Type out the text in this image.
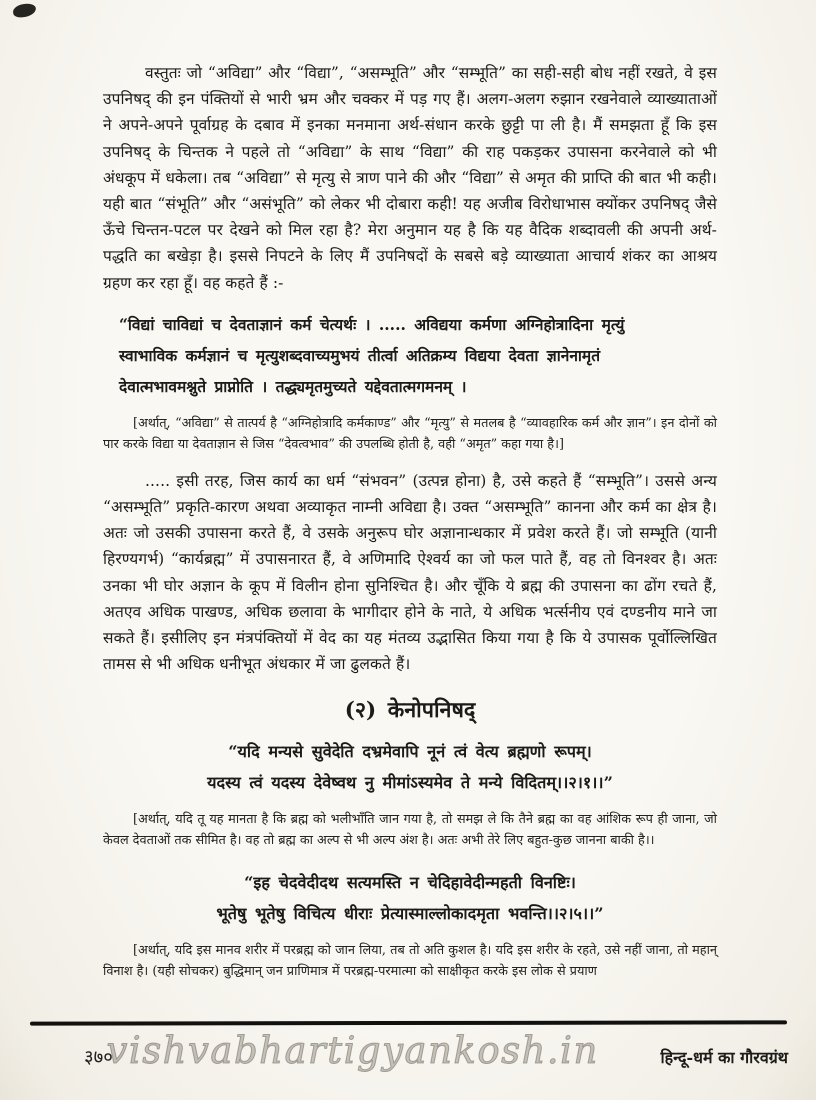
वस्तुतः जो “अविद्या” और “विद्या”, “असम्भूति” और “सम्भूति” का सही-सही बोध नहीं रखते, वे इस उपनिषद् की इन पंक्तियों से भारी भ्रम और चक्कर में पड़ गए हैं। अलग-अलग रुझान रखनेवाले व्याख्याताओं ने अपने-अपने पूर्वाग्रह के दबाव में इनका मनमाना अर्थ-संधान करके छुट्टी पा ली है। मैं समझता हूँ कि इस उपनिषद् के चिन्तक ने पहले तो “अविद्या” के साथ “विद्या” की राह पकड़कर उपासना करनेवाले को भी अंधकूप में धकेला। तब “अविद्या” से मृत्यु से त्राण पाने की और “विद्या” से अमृत की प्राप्ति की बात भी कही। यही बात “संभूति” और “असंभूति” को लेकर भी दोबारा कही! यह अजीब विरोधाभास क्योंकर उपनिषद् जैसे ऊँचे चिन्तन-पटल पर देखने को मिल रहा है? मेरा अनुमान यह है कि यह वैदिक शब्दावली की अपनी अर्थ-पद्धति का बखेड़ा है। इससे निपटने के लिए मैं उपनिषदों के सबसे बड़े व्याख्याता आचार्य शंकर का आश्रय ग्रहण कर रहा हूँ। वह कहते हैं :-

“विद्यां चाविद्यां च देवताज्ञानं कर्म चेत्यर्थः । ..... अविद्यया कर्मणा अग्निहोत्रादिना मृत्युं
स्वाभाविक कर्मज्ञानं च मृत्युशब्दवाच्यमुभयं तीर्त्वा अतिक्रम्य विद्यया देवता ज्ञानेनामृतं
देवात्मभावमश्नुते प्राप्नोति । तद्ध्यमृतमुच्यते यद्देवतात्मगमनम् ।

[अर्थात्, “अविद्या” से तात्पर्य है “अग्निहोत्रादि कर्मकाण्ड” और “मृत्यु” से मतलब है “व्यावहारिक कर्म और ज्ञान”। इन दोनों को पार करके विद्या या देवताज्ञान से जिस “देवत्वभाव” की उपलब्धि होती है, वही “अमृत” कहा गया है।]

..... इसी तरह, जिस कार्य का धर्म “संभवन” (उत्पन्न होना) है, उसे कहते हैं “सम्भूति”। उससे अन्य “असम्भूति” प्रकृति-कारण अथवा अव्याकृत नाम्नी अविद्या है। उक्त “असम्भूति” कानना और कर्म का क्षेत्र है। अतः जो उसकी उपासना करते हैं, वे उसके अनुरूप घोर अज्ञानान्धकार में प्रवेश करते हैं। जो सम्भूति (यानी हिरण्यगर्भ) “कार्यब्रह्म” में उपासनारत हैं, वे अणिमादि ऐश्वर्य का जो फल पाते हैं, वह तो विनश्वर है। अतः उनका भी घोर अज्ञान के कूप में विलीन होना सुनिश्चित है। और चूँकि ये ब्रह्म की उपासना का ढोंग रचते हैं, अतएव अधिक पाखण्ड, अधिक छलावा के भागीदार होने के नाते, ये अधिक भर्त्सनीय एवं दण्डनीय माने जा सकते हैं। इसीलिए इन मंत्रपंक्तियों में वेद का यह मंतव्य उद्भासित किया गया है कि ये उपासक पूर्वोल्लिखित तामस से भी अधिक धनीभूत अंधकार में जा ढुलकते हैं।

(२) केनोपनिषद्
“यदि मन्यसे सुवेदेति दभ्रमेवापि नूनं त्वं वेत्य ब्रह्मणो रूपम्।
यदस्य त्वं यदस्य देवेष्वथ नु मीमांऽस्यमेव ते मन्ये विदितम्।।२।१।।”

[अर्थात्, यदि तू यह मानता है कि ब्रह्म को भलीभाँति जान गया है, तो समझ ले कि तैने ब्रह्म का वह आंशिक रूप ही जाना, जो केवल देवताओं तक सीमित है। वह तो ब्रह्म का अल्प से भी अल्प अंश है। अतः अभी तेरे लिए बहुत-कुछ जानना बाकी है।।

“इह चेदवेदीदथ सत्यमस्ति न चेदिहावेदीन्महती विनष्टिः।
भूतेषु भूतेषु विचित्य धीराः प्रेत्यास्माल्लोकादमृता भवन्ति।।२।५।।”

[अर्थात्, यदि इस मानव शरीर में परब्रह्म को जान लिया, तब तो अति कुशल है। यदि इस शरीर के रहते, उसे नहीं जाना, तो महान् विनाश है। (यही सोचकर) बुद्धिमान् जन प्राणिमात्र में परब्रह्म-परमात्मा को साक्षीकृत करके इस लोक से प्रयाण

३७०
vishvabhartigyankosh.in	हिन्दू-धर्म का गौरवग्रंथ
